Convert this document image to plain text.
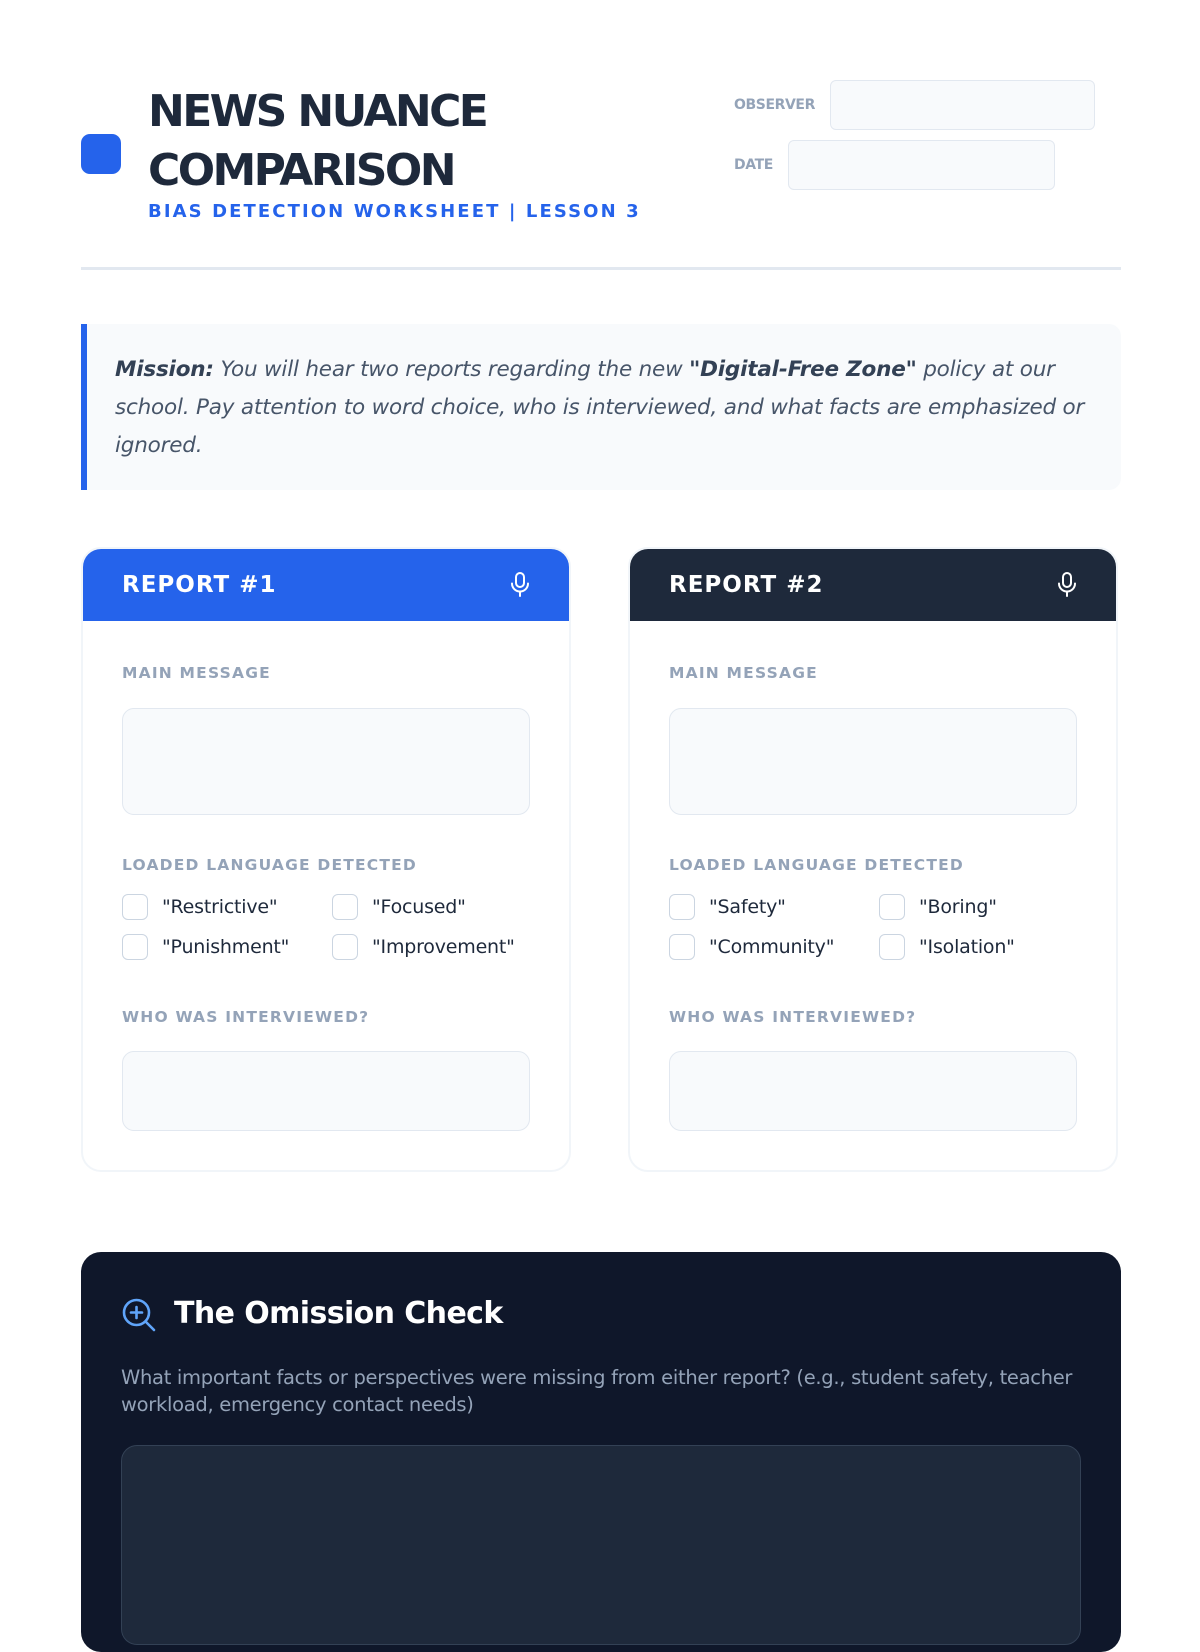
NEWS NUANCE
COMPARISON
BIAS DETECTION WORKSHEET | LESSON 3
OBSERVER
DATE
Mission: You will hear two reports regarding the new "Digital-Free Zone" policy at our school. Pay attention to word choice, who is interviewed, and what facts are emphasized or ignored.
REPORT #1
MAIN MESSAGE
LOADED LANGUAGE DETECTED
"Restrictive"	"Focused"
"Punishment"	"Improvement"
WHO WAS INTERVIEWED?
REPORT #2
MAIN MESSAGE
LOADED LANGUAGE DETECTED
"Safety"	"Boring"
"Community"	"Isolation"
WHO WAS INTERVIEWED?
The Omission Check
What important facts or perspectives were missing from either report? (e.g., student safety, teacher workload, emergency contact needs)
